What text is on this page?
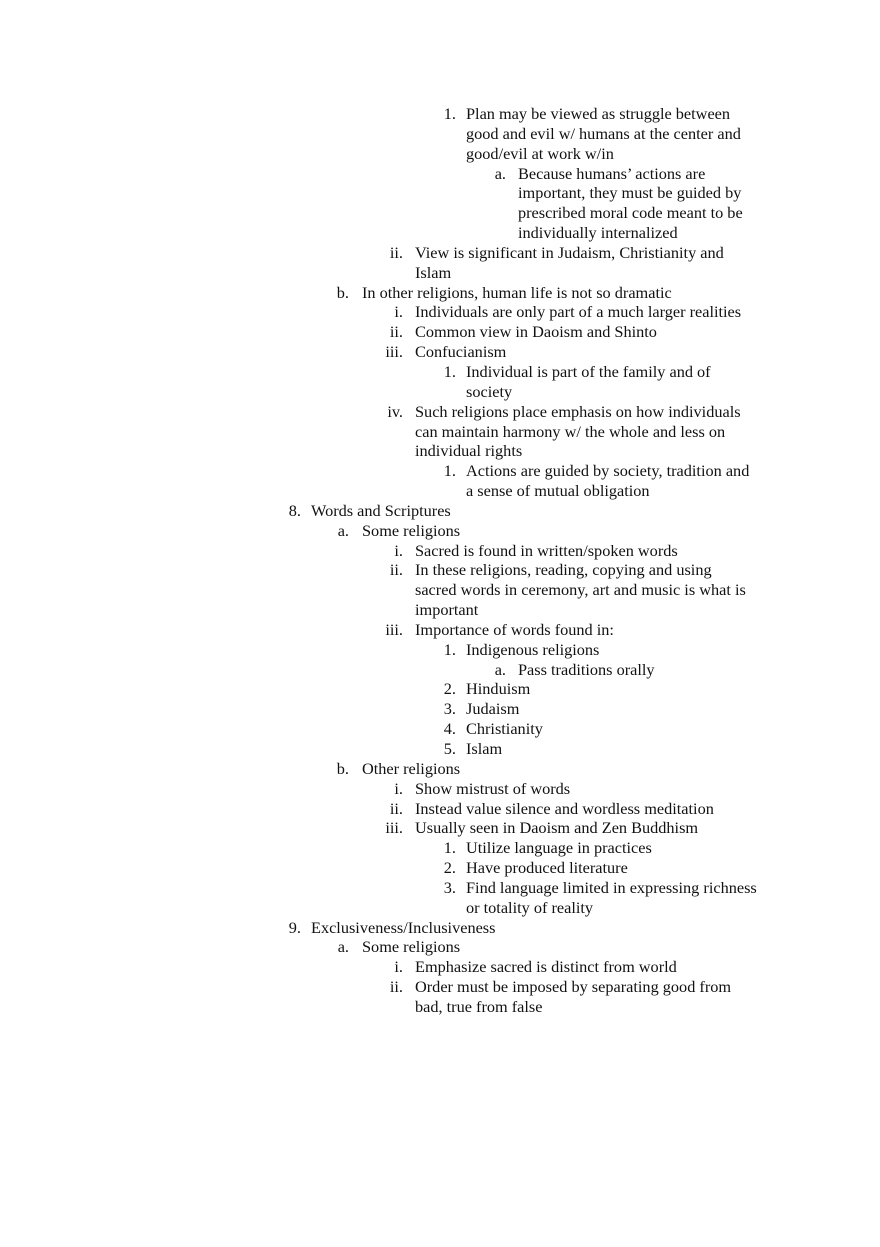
1. Plan may be viewed as struggle between
good and evil w/ humans at the center and
good/evil at work w/in
a. Because humans’ actions are
important, they must be guided by
prescribed moral code meant to be
individually internalized
ii. View is significant in Judaism, Christianity and
Islam
b. In other religions, human life is not so dramatic
i. Individuals are only part of a much larger realities
ii. Common view in Daoism and Shinto
iii. Confucianism
1. Individual is part of the family and of
society
iv. Such religions place emphasis on how individuals
can maintain harmony w/ the whole and less on
individual rights
1. Actions are guided by society, tradition and
a sense of mutual obligation
8. Words and Scriptures
a. Some religions
i. Sacred is found in written/spoken words
ii. In these religions, reading, copying and using
sacred words in ceremony, art and music is what is
important
iii. Importance of words found in:
1. Indigenous religions
a. Pass traditions orally
2. Hinduism
3. Judaism
4. Christianity
5. Islam
b. Other religions
i. Show mistrust of words
ii. Instead value silence and wordless meditation
iii. Usually seen in Daoism and Zen Buddhism
1. Utilize language in practices
2. Have produced literature
3. Find language limited in expressing richness
or totality of reality
9. Exclusiveness/Inclusiveness
a. Some religions
i. Emphasize sacred is distinct from world
ii. Order must be imposed by separating good from
bad, true from false
